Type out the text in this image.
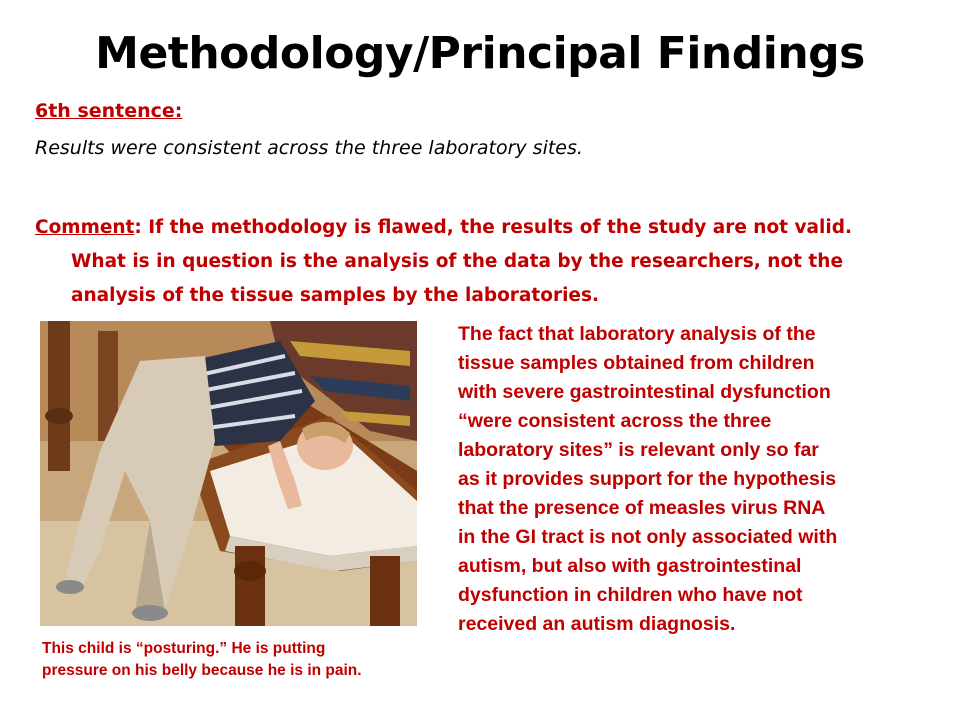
Methodology/Principal Findings
6th sentence:
Results were consistent across the three laboratory sites.
Comment: If the methodology is flawed, the results of the study are not valid.
What is in question is the analysis of the data by the researchers, not the
analysis of the tissue samples by the laboratories.
This child is “posturing.” He is putting
pressure on his belly because he is in pain.
The fact that laboratory analysis of the
tissue samples obtained from children
with severe gastrointestinal dysfunction
“were consistent across the three
laboratory sites” is relevant only so far
as it provides support for the hypothesis
that the presence of measles virus RNA
in the GI tract is not only associated with
autism, but also with gastrointestinal
dysfunction in children who have not
received an autism diagnosis.
